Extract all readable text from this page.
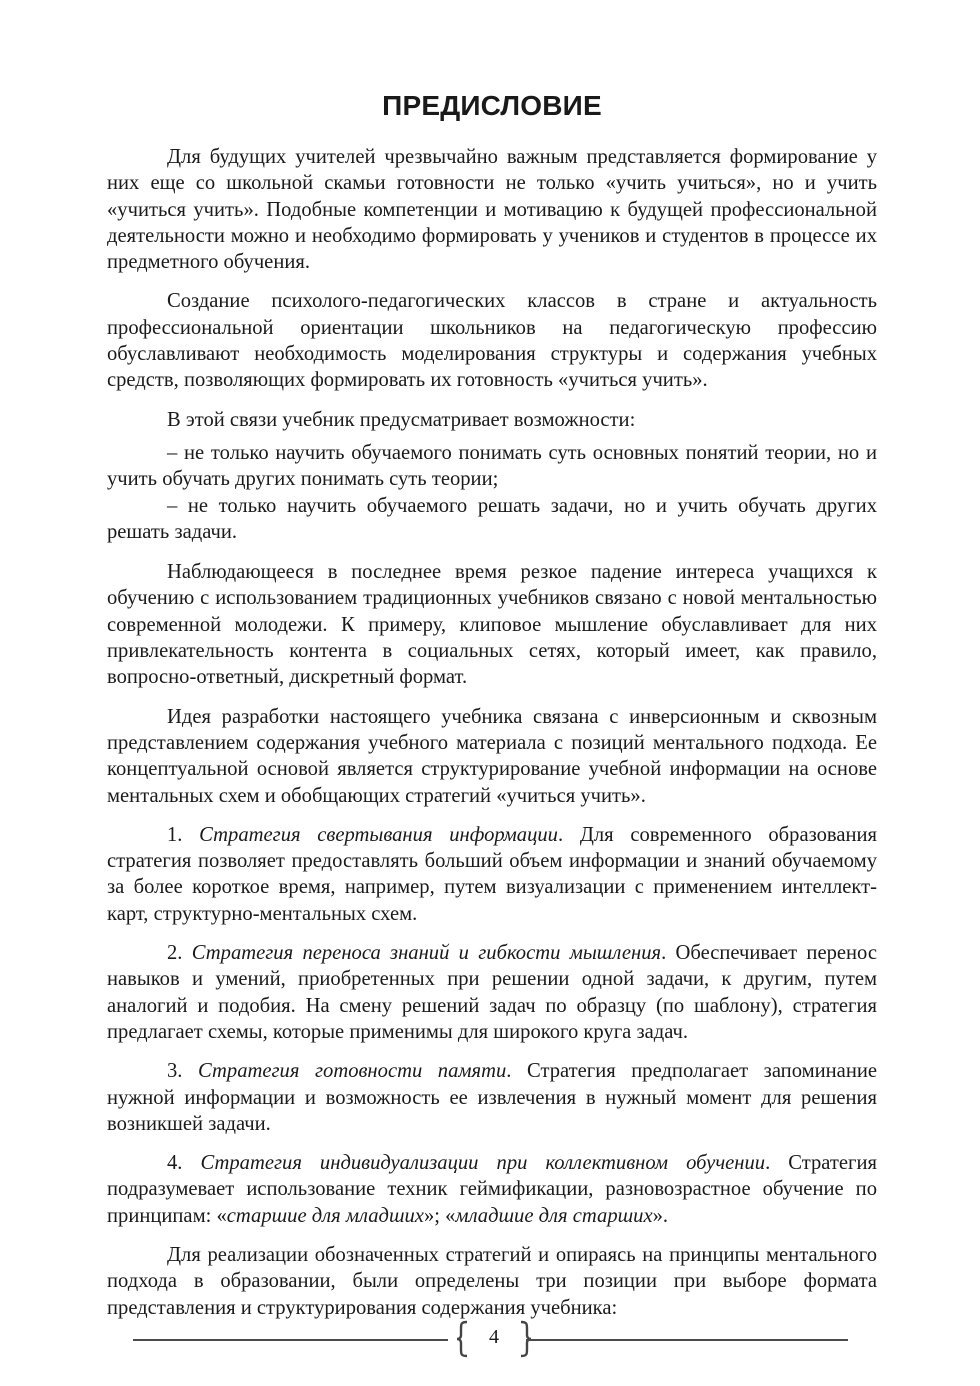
ПРЕДИСЛОВИЕ

Для будущих учителей чрезвычайно важным представляется формирование у них еще со школьной скамьи готовности не только «учить учиться», но и учить «учиться учить». Подобные компетенции и мотивацию к будущей профессиональной деятельности можно и необходимо формировать у учеников и студентов в процессе их предметного обучения.

Создание психолого-педагогических классов в стране и актуальность профессиональной ориентации школьников на педагогическую профессию обуславливают необходимость моделирования структуры и содержания учебных средств, позволяющих формировать их готовность «учиться учить».

В этой связи учебник предусматривает возможности:

– не только научить обучаемого понимать суть основных понятий теории, но и учить обучать других понимать суть теории;

– не только научить обучаемого решать задачи, но и учить обучать других решать задачи.

Наблюдающееся в последнее время резкое падение интереса учащихся к обучению с использованием традиционных учебников связано с новой ментальностью современной молодежи. К примеру, клиповое мышление обуславливает для них привлекательность контента в социальных сетях, который имеет, как правило, вопросно-ответный, дискретный формат.

Идея разработки настоящего учебника связана с инверсионным и сквозным представлением содержания учебного материала с позиций ментального подхода. Ее концептуальной основой является структурирование учебной информации на основе ментальных схем и обобщающих стратегий «учиться учить».

1. Стратегия свертывания информации. Для современного образования стратегия позволяет предоставлять больший объем информации и знаний обучаемому за более короткое время, например, путем визуализации с применением интеллект-карт, структурно-ментальных схем.

2. Стратегия переноса знаний и гибкости мышления. Обеспечивает перенос навыков и умений, приобретенных при решении одной задачи, к другим, путем аналогий и подобия. На смену решений задач по образцу (по шаблону), стратегия предлагает схемы, которые применимы для широкого круга задач.

3. Стратегия готовности памяти. Стратегия предполагает запоминание нужной информации и возможность ее извлечения в нужный момент для решения возникшей задачи.

4. Стратегия индивидуализации при коллективном обучении. Стратегия подразумевает использование техник геймификации, разновозрастное обучение по принципам: «старшие для младших»; «младшие для старших».

Для реализации обозначенных стратегий и опираясь на принципы ментального подхода в образовании, были определены три позиции при выборе формата представления и структурирования содержания учебника:

4
